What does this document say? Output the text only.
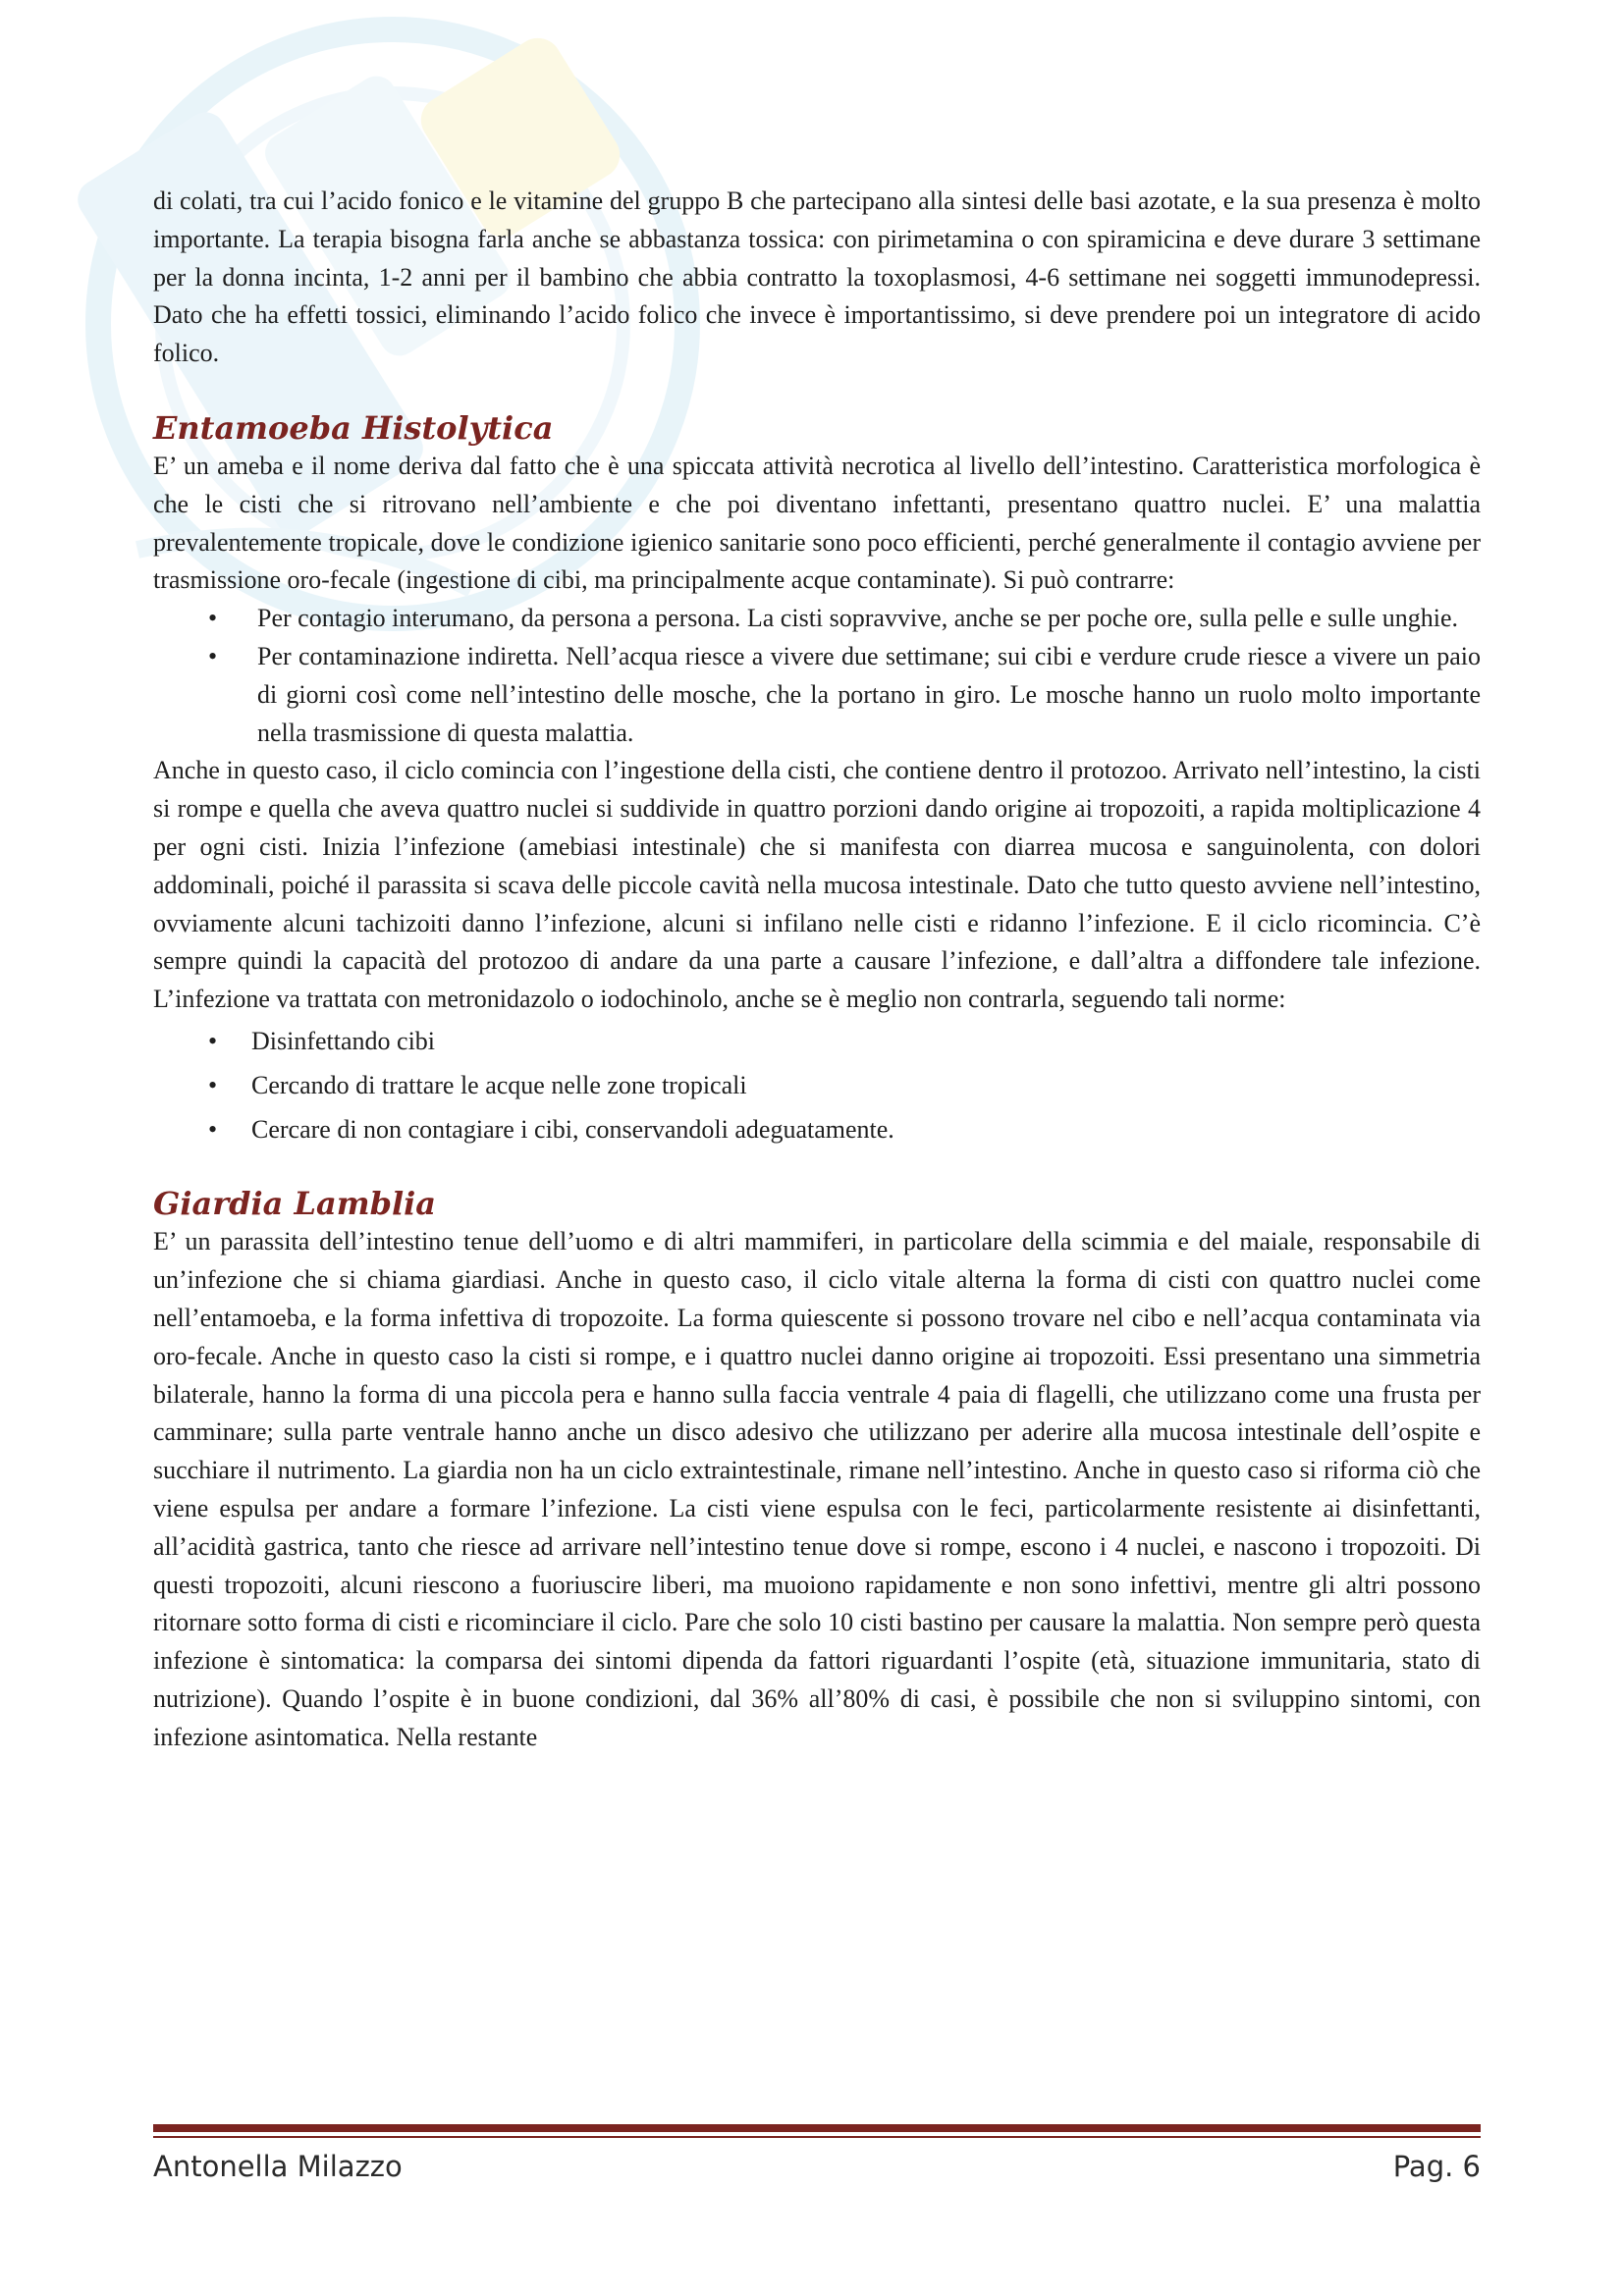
di colati, tra cui l’acido fonico e le vitamine del gruppo B che partecipano alla sintesi delle basi azotate, e la sua presenza è molto importante. La terapia bisogna farla anche se abbastanza tossica: con pirimetamina o con spiramicina e deve durare 3 settimane per la donna incinta, 1-2 anni per il bambino che abbia contratto la toxoplasmosi, 4-6 settimane nei soggetti immunodepressi. Dato che ha effetti tossici, eliminando l’acido folico che invece è importantissimo, si deve prendere poi un integratore di acido folico.

Entamoeba Histolytica

E’ un ameba e il nome deriva dal fatto che è una spiccata attività necrotica al livello dell’intestino. Caratteristica morfologica è che le cisti che si ritrovano nell’ambiente e che poi diventano infettanti, presentano quattro nuclei. E’ una malattia prevalentemente tropicale, dove le condizione igienico sanitarie sono poco efficienti, perché generalmente il contagio avviene per trasmissione oro-fecale (ingestione di cibi, ma principalmente acque contaminate). Si può contrarre:

• Per contagio interumano, da persona a persona. La cisti sopravvive, anche se per poche ore, sulla pelle e sulle unghie.
• Per contaminazione indiretta. Nell’acqua riesce a vivere due settimane; sui cibi e verdure crude riesce a vivere un paio di giorni così come nell’intestino delle mosche, che la portano in giro. Le mosche hanno un ruolo molto importante nella trasmissione di questa malattia.

Anche in questo caso, il ciclo comincia con l’ingestione della cisti, che contiene dentro il protozoo. Arrivato nell’intestino, la cisti si rompe e quella che aveva quattro nuclei si suddivide in quattro porzioni dando origine ai tropozoiti, a rapida moltiplicazione 4 per ogni cisti. Inizia l’infezione (amebiasi intestinale) che si manifesta con diarrea mucosa e sanguinolenta, con dolori addominali, poiché il parassita si scava delle piccole cavità nella mucosa intestinale. Dato che tutto questo avviene nell’intestino, ovviamente alcuni tachizoiti danno l’infezione, alcuni si infilano nelle cisti e ridanno l’infezione. E il ciclo ricomincia. C’è sempre quindi la capacità del protozoo di andare da una parte a causare l’infezione, e dall’altra a diffondere tale infezione. L’infezione va trattata con metronidazolo o iodochinolo, anche se è meglio non contrarla, seguendo tali norme:

• Disinfettando cibi
• Cercando di trattare le acque nelle zone tropicali
• Cercare di non contagiare i cibi, conservandoli adeguatamente.
Giardia Lamblia

E’ un parassita dell’intestino tenue dell’uomo e di altri mammiferi, in particolare della scimmia e del maiale, responsabile di un’infezione che si chiama giardiasi. Anche in questo caso, il ciclo vitale alterna la forma di cisti con quattro nuclei come nell’entamoeba, e la forma infettiva di tropozoite. La forma quiescente si possono trovare nel cibo e nell’acqua contaminata via oro-fecale. Anche in questo caso la cisti si rompe, e i quattro nuclei danno origine ai tropozoiti. Essi presentano una simmetria bilaterale, hanno la forma di una piccola pera e hanno sulla faccia ventrale 4 paia di flagelli, che utilizzano come una frusta per camminare; sulla parte ventrale hanno anche un disco adesivo che utilizzano per aderire alla mucosa intestinale dell’ospite e succhiare il nutrimento. La giardia non ha un ciclo extraintestinale, rimane nell’intestino. Anche in questo caso si riforma ciò che viene espulsa per andare a formare l’infezione. La cisti viene espulsa con le feci, particolarmente resistente ai disinfettanti, all’acidità gastrica, tanto che riesce ad arrivare nell’intestino tenue dove si rompe, escono i 4 nuclei, e nascono i tropozoiti. Di questi tropozoiti, alcuni riescono a fuoriuscire liberi, ma muoiono rapidamente e non sono infettivi, mentre gli altri possono ritornare sotto forma di cisti e ricominciare il ciclo. Pare che solo 10 cisti bastino per causare la malattia. Non sempre però questa infezione è sintomatica: la comparsa dei sintomi dipenda da fattori riguardanti l’ospite (età, situazione immunitaria, stato di nutrizione). Quando l’ospite è in buone condizioni, dal 36% all’80% di casi, è possibile che non si sviluppino sintomi, con infezione asintomatica. Nella restante

Antonella Milazzo	Pag. 6
